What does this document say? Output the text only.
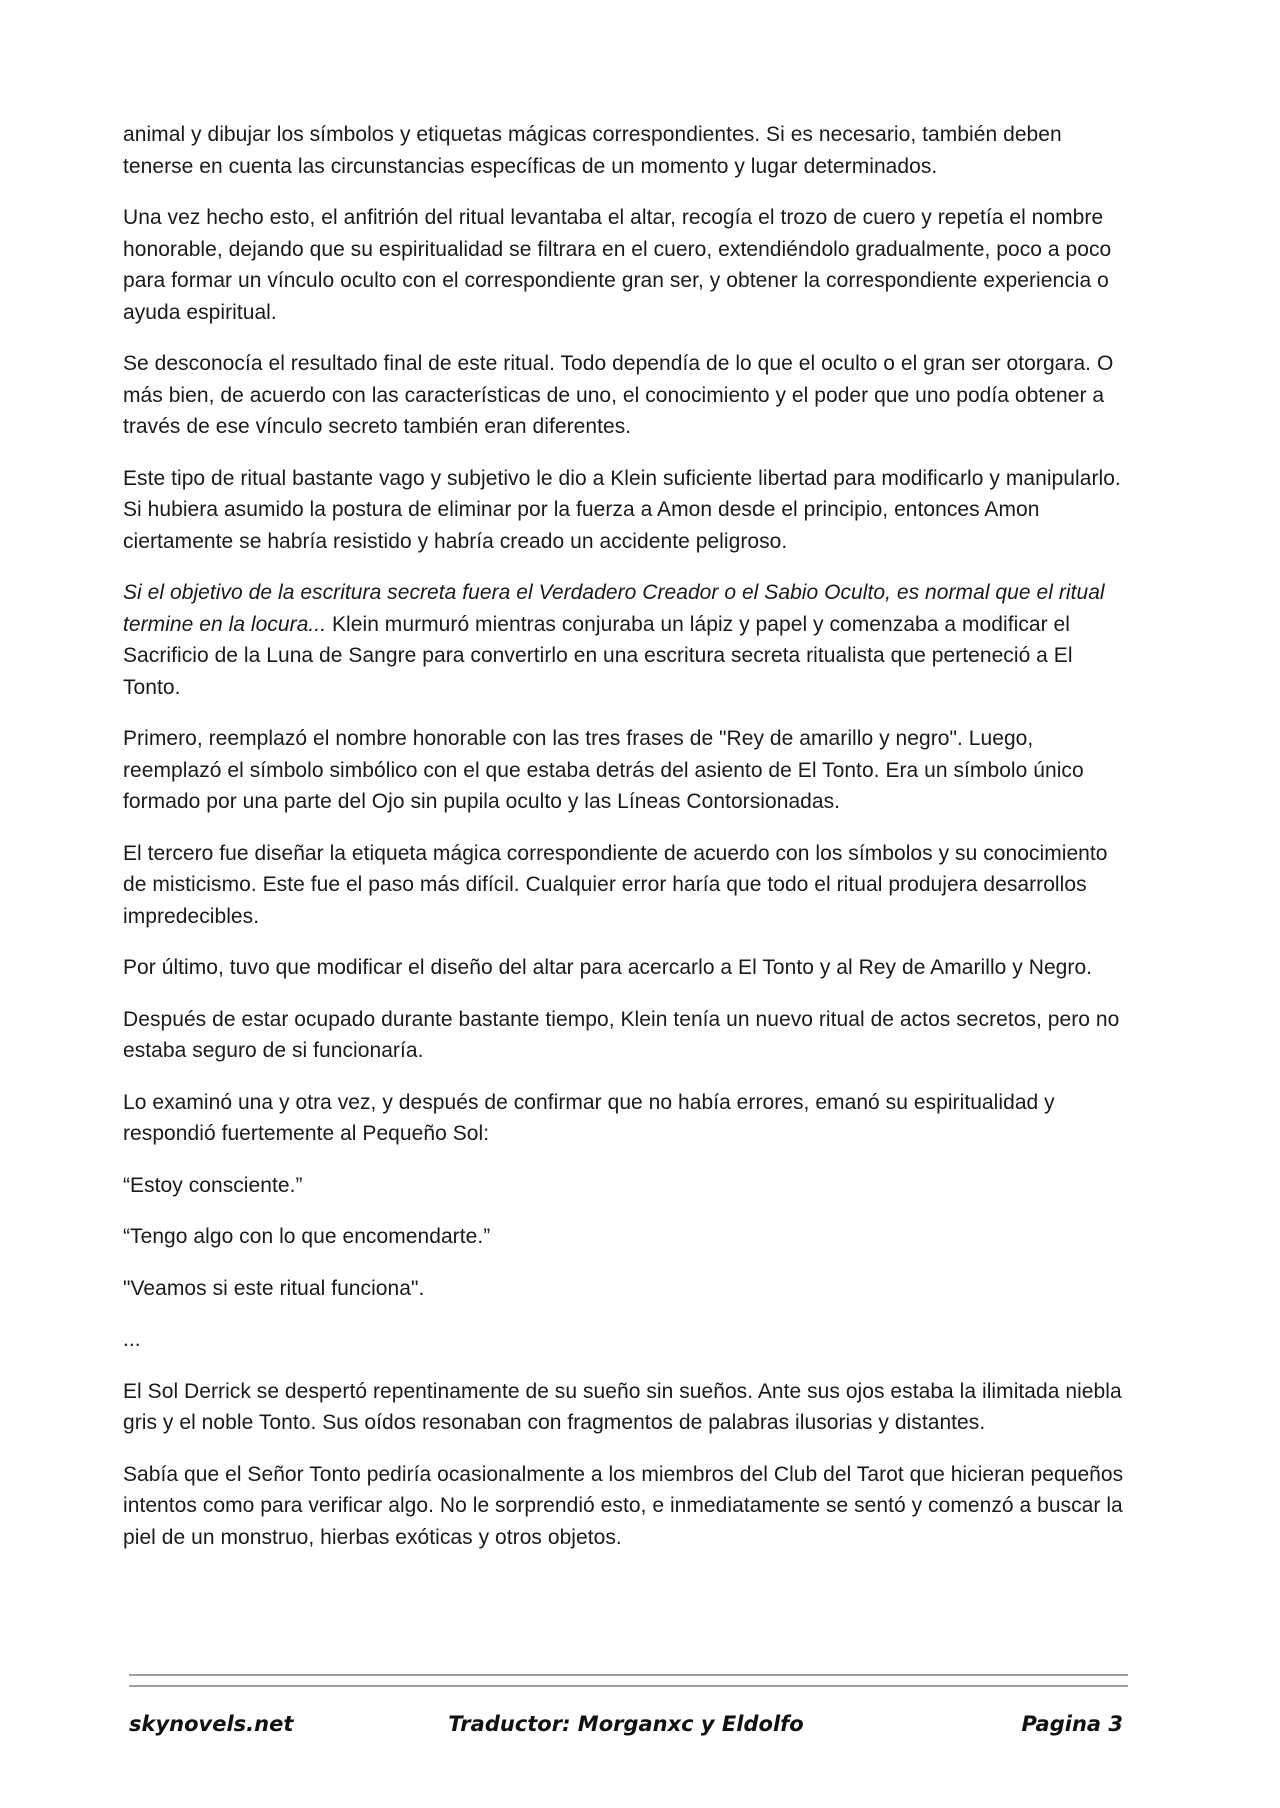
animal y dibujar los símbolos y etiquetas mágicas correspondientes. Si es necesario, también deben tenerse en cuenta las circunstancias específicas de un momento y lugar determinados.

Una vez hecho esto, el anfitrión del ritual levantaba el altar, recogía el trozo de cuero y repetía el nombre honorable, dejando que su espiritualidad se filtrara en el cuero, extendiéndolo gradualmente, poco a poco para formar un vínculo oculto con el correspondiente gran ser, y obtener la correspondiente experiencia o ayuda espiritual.

Se desconocía el resultado final de este ritual. Todo dependía de lo que el oculto o el gran ser otorgara. O más bien, de acuerdo con las características de uno, el conocimiento y el poder que uno podía obtener a través de ese vínculo secreto también eran diferentes.

Este tipo de ritual bastante vago y subjetivo le dio a Klein suficiente libertad para modificarlo y manipularlo. Si hubiera asumido la postura de eliminar por la fuerza a Amon desde el principio, entonces Amon ciertamente se habría resistido y habría creado un accidente peligroso.

Si el objetivo de la escritura secreta fuera el Verdadero Creador o el Sabio Oculto, es normal que el ritual termine en la locura... Klein murmuró mientras conjuraba un lápiz y papel y comenzaba a modificar el Sacrificio de la Luna de Sangre para convertirlo en una escritura secreta ritualista que perteneció a El Tonto.

Primero, reemplazó el nombre honorable con las tres frases de "Rey de amarillo y negro". Luego, reemplazó el símbolo simbólico con el que estaba detrás del asiento de El Tonto. Era un símbolo único formado por una parte del Ojo sin pupila oculto y las Líneas Contorsionadas.

El tercero fue diseñar la etiqueta mágica correspondiente de acuerdo con los símbolos y su conocimiento de misticismo. Este fue el paso más difícil. Cualquier error haría que todo el ritual produjera desarrollos impredecibles.

Por último, tuvo que modificar el diseño del altar para acercarlo a El Tonto y al Rey de Amarillo y Negro.

Después de estar ocupado durante bastante tiempo, Klein tenía un nuevo ritual de actos secretos, pero no estaba seguro de si funcionaría.

Lo examinó una y otra vez, y después de confirmar que no había errores, emanó su espiritualidad y respondió fuertemente al Pequeño Sol:

“Estoy consciente.”

“Tengo algo con lo que encomendarte.”

"Veamos si este ritual funciona".

...

El Sol Derrick se despertó repentinamente de su sueño sin sueños. Ante sus ojos estaba la ilimitada niebla gris y el noble Tonto. Sus oídos resonaban con fragmentos de palabras ilusorias y distantes.

Sabía que el Señor Tonto pediría ocasionalmente a los miembros del Club del Tarot que hicieran pequeños intentos como para verificar algo. No le sorprendió esto, e inmediatamente se sentó y comenzó a buscar la piel de un monstruo, hierbas exóticas y otros objetos.

skynovels.net	Traductor: Morganxc y Eldolfo	Pagina 3
